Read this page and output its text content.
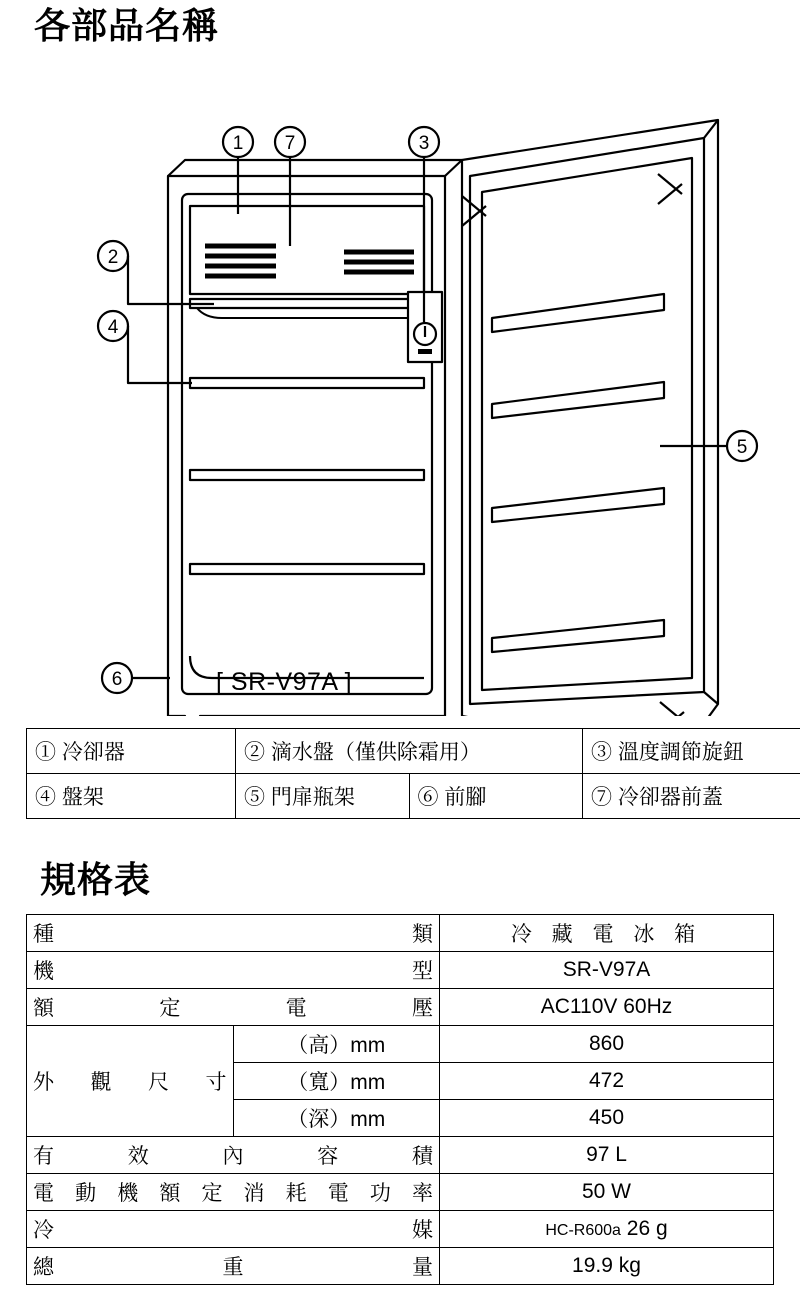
各部品名稱
1 7	3
2
4
6
5
[ SR-V97A ]
① 冷卻器	② 滴水盤（僅供除霜用）		③ 溫度調節旋鈕
④ 盤架	⑤ 門扉瓶架	⑥ 前腳	⑦ 冷卻器前蓋
規格表
種　　　　　　　類		冷 藏 電 冰 箱
機　　　　　　　型		SR-V97A
額　　定　　電　　壓		AC110V 60Hz
外　觀　尺　寸	（高）mm	860
	（寬）mm	472
	（深）mm	450
有　　效　　內　　容　　積		97 L
電 動 機 額 定 消 耗 電 功 率		50 W
冷　　　　　　　媒		HC-R600a 26 g
總　　　　重　　　　量		19.9 kg
